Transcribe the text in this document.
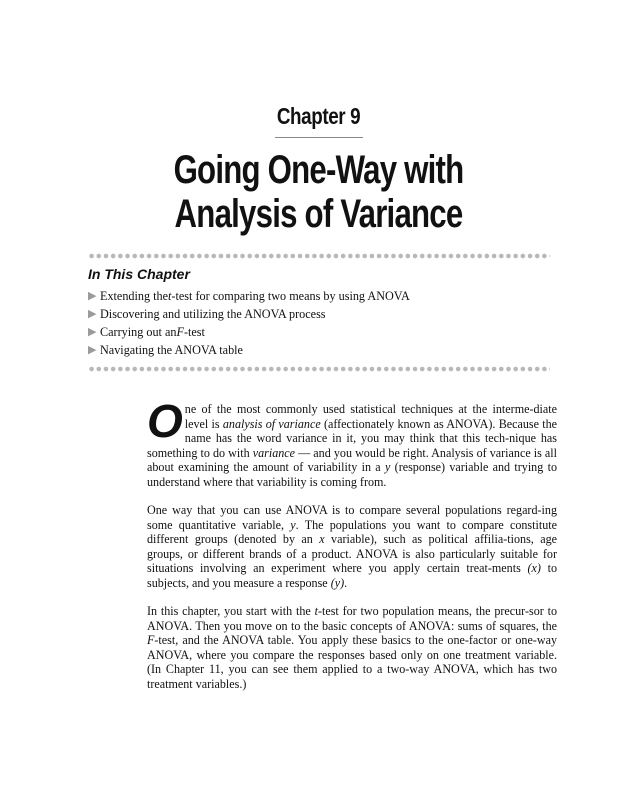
Chapter 9
Going One-Way with
Analysis of Variance
In This Chapter
▶ Extending the t -test for comparing two means by using ANOVA
▶ Discovering and utilizing the ANOVA process
▶ Carrying out an F -test
▶ Navigating the ANOVA table

One of the most commonly used statistical techniques at the interme-diate level is analysis of variance (affectionately known as ANOVA). Because the name has the word variance in it, you may think that this tech-nique has something to do with variance — and you would be right. Analysis of variance is all about examining the amount of variability in a y (response) variable and trying to understand where that variability is coming from.

One way that you can use ANOVA is to compare several populations regard-ing some quantitative variable, y. The populations you want to compare constitute different groups (denoted by an x variable), such as political affilia-tions, age groups, or different brands of a product. ANOVA is also particularly suitable for situations involving an experiment where you apply certain treat-ments (x) to subjects, and you measure a response (y).

In this chapter, you start with the t-test for two population means, the precur-sor to ANOVA. Then you move on to the basic concepts of ANOVA: sums of squares, the F-test, and the ANOVA table. You apply these basics to the one-factor or one-way ANOVA, where you compare the responses based only on one treatment variable. (In Chapter 11, you can see them applied to a two-way ANOVA, which has two treatment variables.)
